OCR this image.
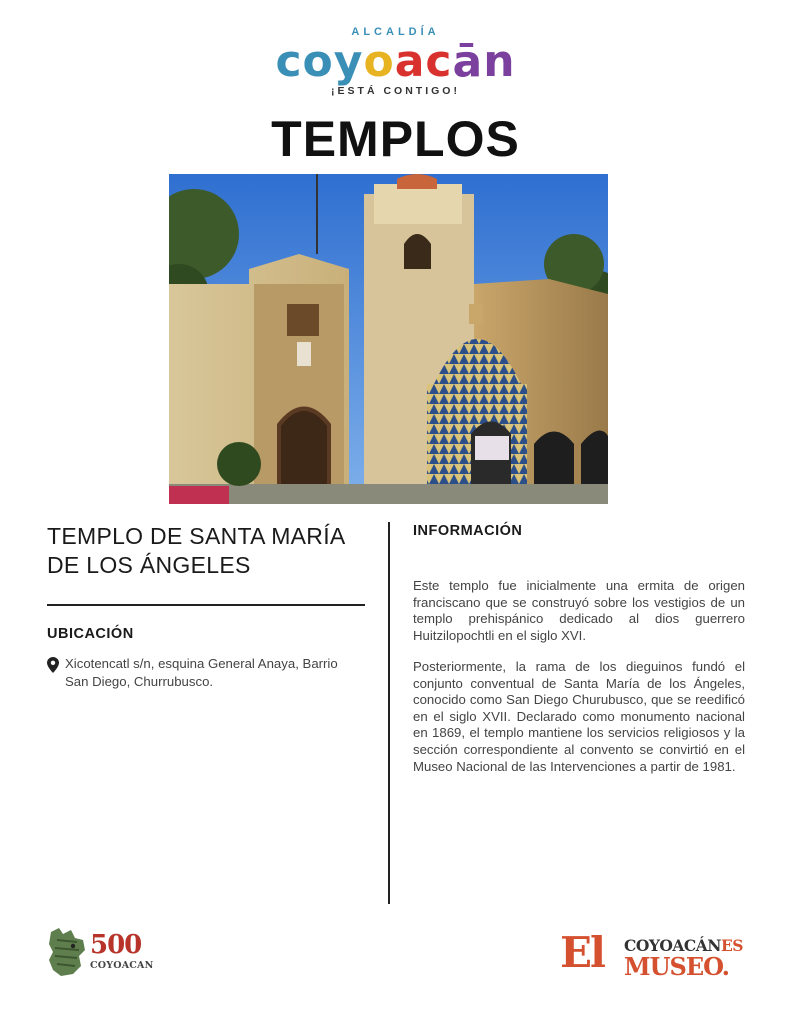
ALCALDÍA
coyoacān
¡ESTÁ CONTIGO!
TEMPLOS
TEMPLO DE SANTA MARÍA DE LOS ÁNGELES
UBICACIÓN
Xicotencatl s/n, esquina General Anaya, Barrio San Diego, Churrubusco.
INFORMACIÓN

Este templo fue inicialmente una ermita de origen franciscano que se construyó sobre los vestigios de un templo prehispánico dedicado al dios guerrero Huitzilopochtli en el siglo XVI.

Posteriormente, la rama de los dieguinos fundó el conjunto conventual de Santa María de los Ángeles, conocido como San Diego Churubusco, que se reedificó en el siglo XVII. Declarado como monumento nacional en 1869, el templo mantiene los servicios religiosos y la sección correspondiente al convento se convirtió en el Museo Nacional de las Intervenciones a partir de 1981.

500
COYOACAN	El COYOACÁNES
MUSEO.
